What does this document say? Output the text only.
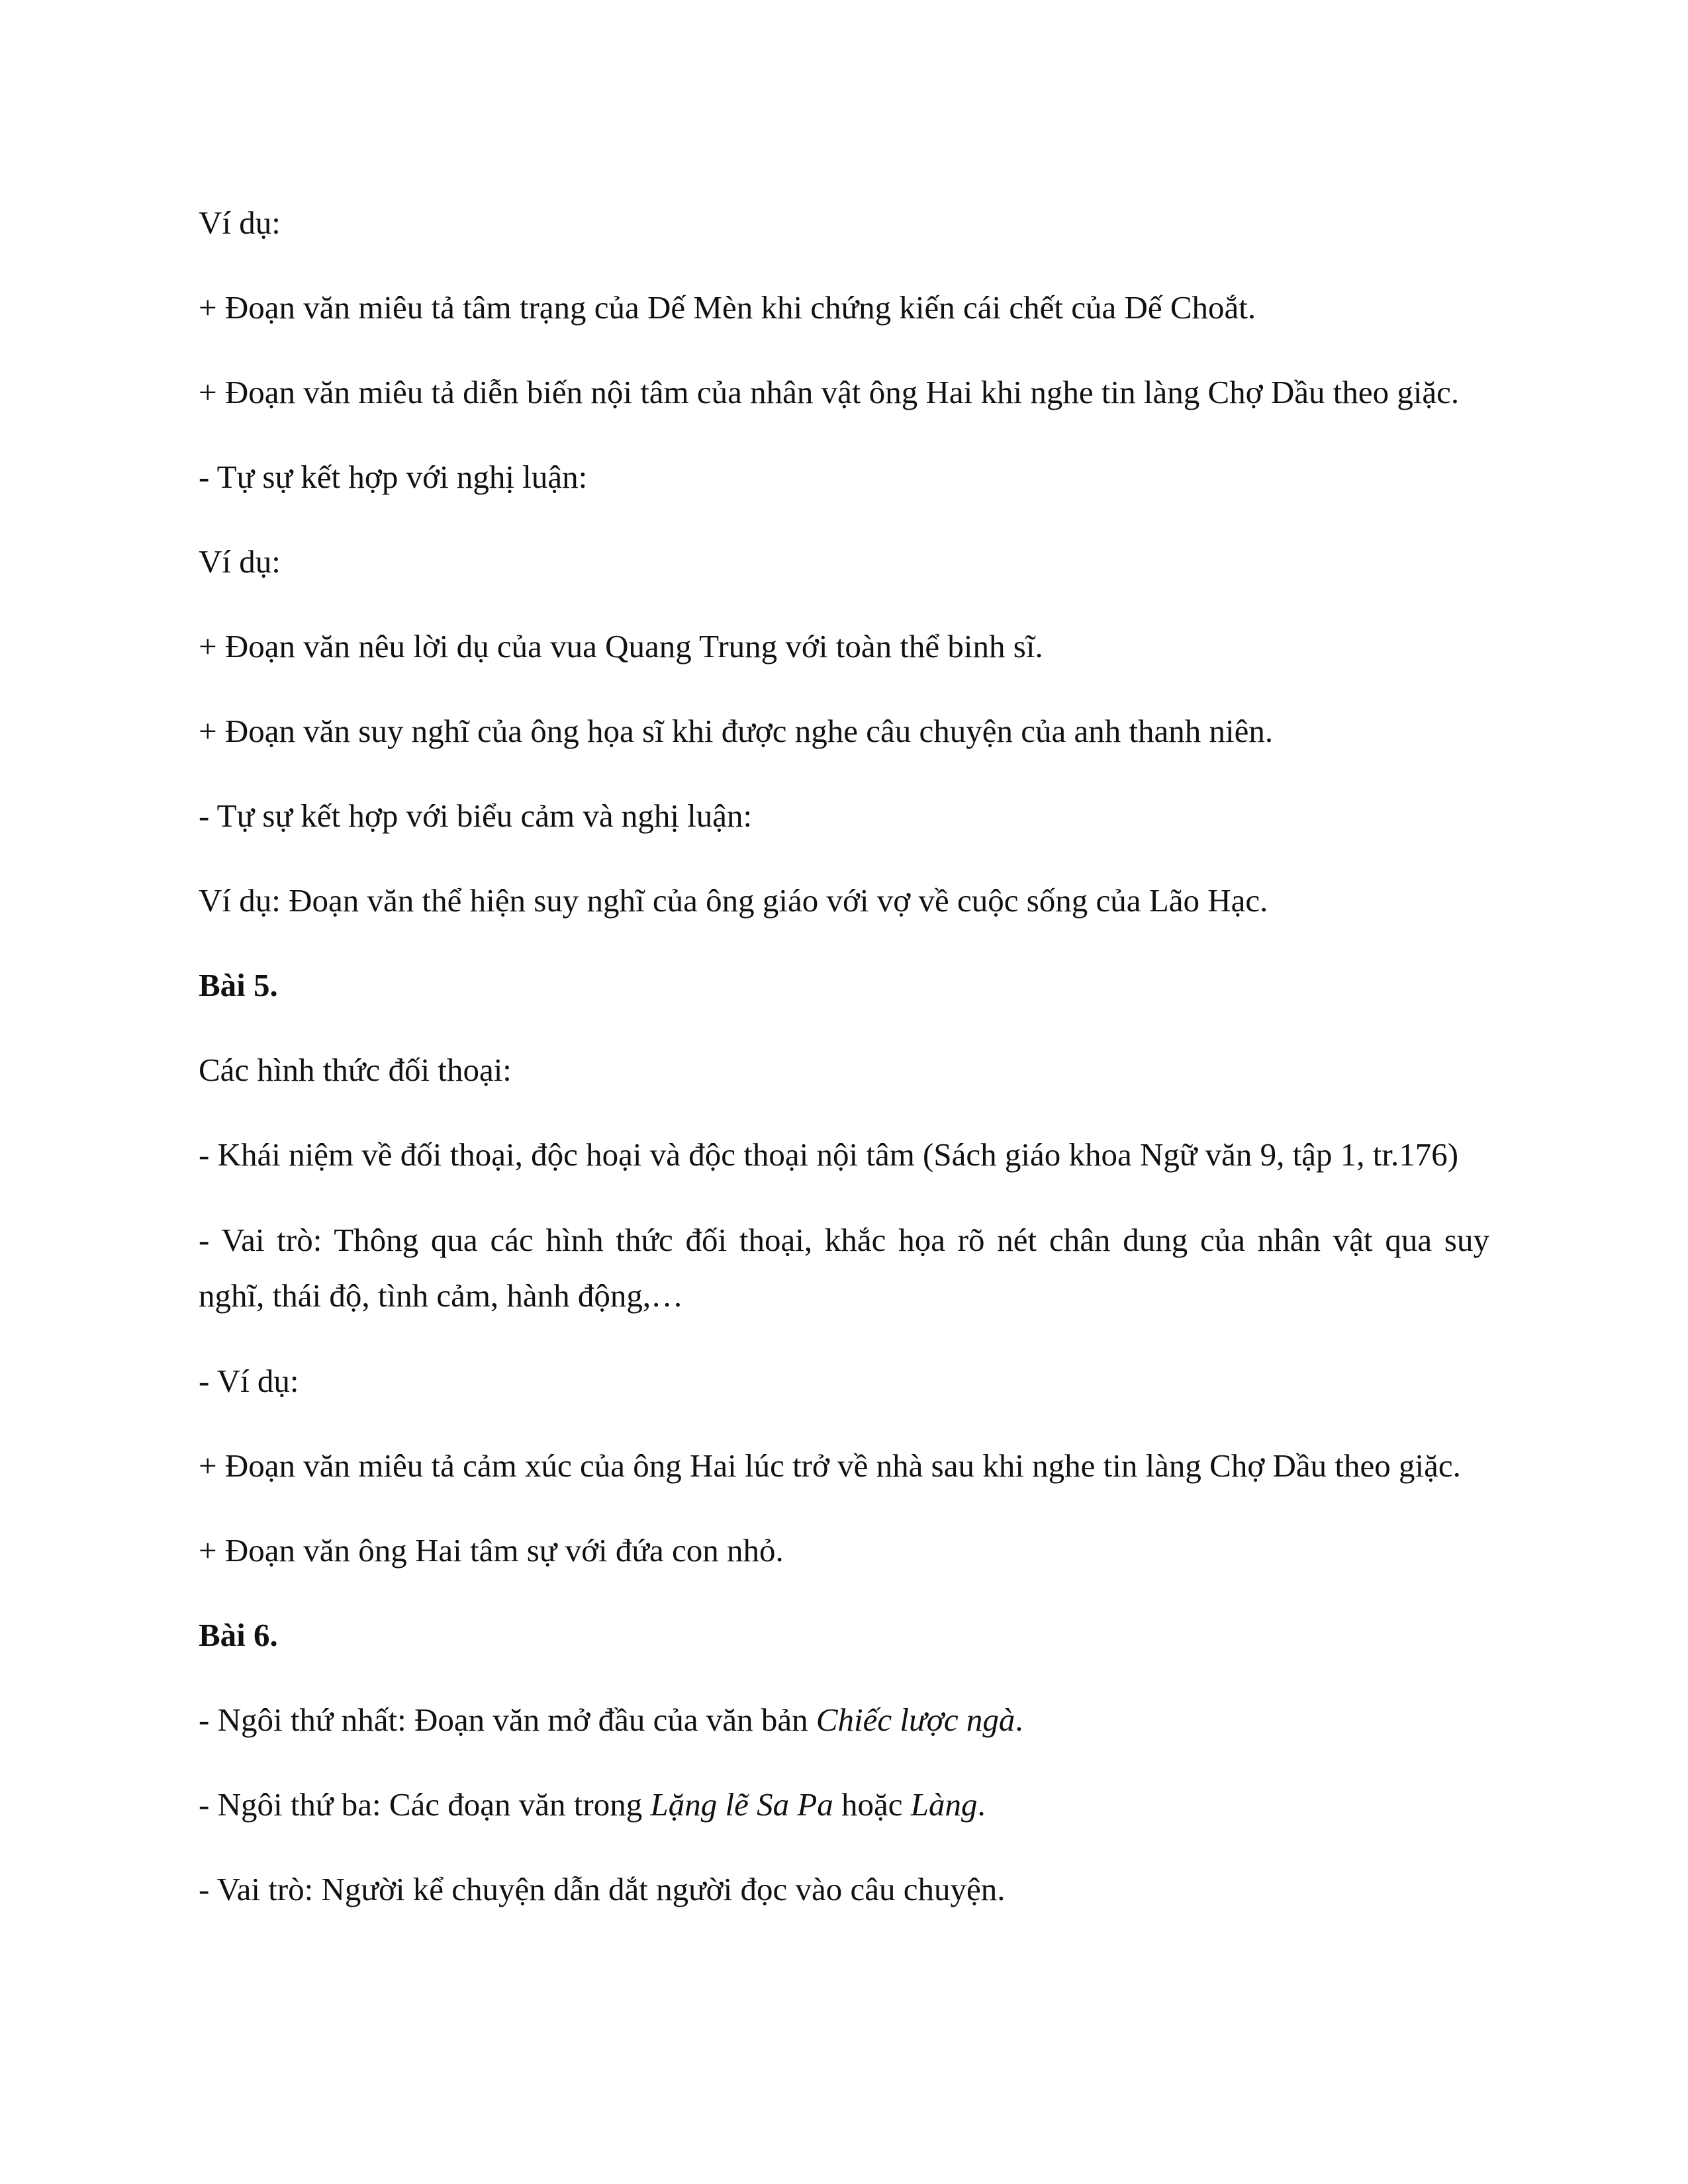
Ví dụ:

+ Đoạn văn miêu tả tâm trạng của Dế Mèn khi chứng kiến cái chết của Dế Choắt.

+ Đoạn văn miêu tả diễn biến nội tâm của nhân vật ông Hai khi nghe tin làng Chợ Dầu theo giặc.

- Tự sự kết hợp với nghị luận:

Ví dụ:

+ Đoạn văn nêu lời dụ của vua Quang Trung với toàn thể binh sĩ.

+ Đoạn văn suy nghĩ của ông họa sĩ khi được nghe câu chuyện của anh thanh niên.

- Tự sự kết hợp với biểu cảm và nghị luận:

Ví dụ: Đoạn văn thể hiện suy nghĩ của ông giáo với vợ về cuộc sống của Lão Hạc.

Bài 5.

Các hình thức đối thoại:

- Khái niệm về đối thoại, độc hoại và độc thoại nội tâm (Sách giáo khoa Ngữ văn 9, tập 1, tr.176)

- Vai trò: Thông qua các hình thức đối thoại, khắc họa rõ nét chân dung của nhân vật qua suy
nghĩ, thái độ, tình cảm, hành động,…

- Ví dụ:

+ Đoạn văn miêu tả cảm xúc của ông Hai lúc trở về nhà sau khi nghe tin làng Chợ Dầu theo giặc.

+ Đoạn văn ông Hai tâm sự với đứa con nhỏ.

Bài 6.

- Ngôi thứ nhất: Đoạn văn mở đầu của văn bản Chiếc lược ngà.

- Ngôi thứ ba: Các đoạn văn trong Lặng lẽ Sa Pa hoặc Làng.

- Vai trò: Người kể chuyện dẫn dắt người đọc vào câu chuyện.
